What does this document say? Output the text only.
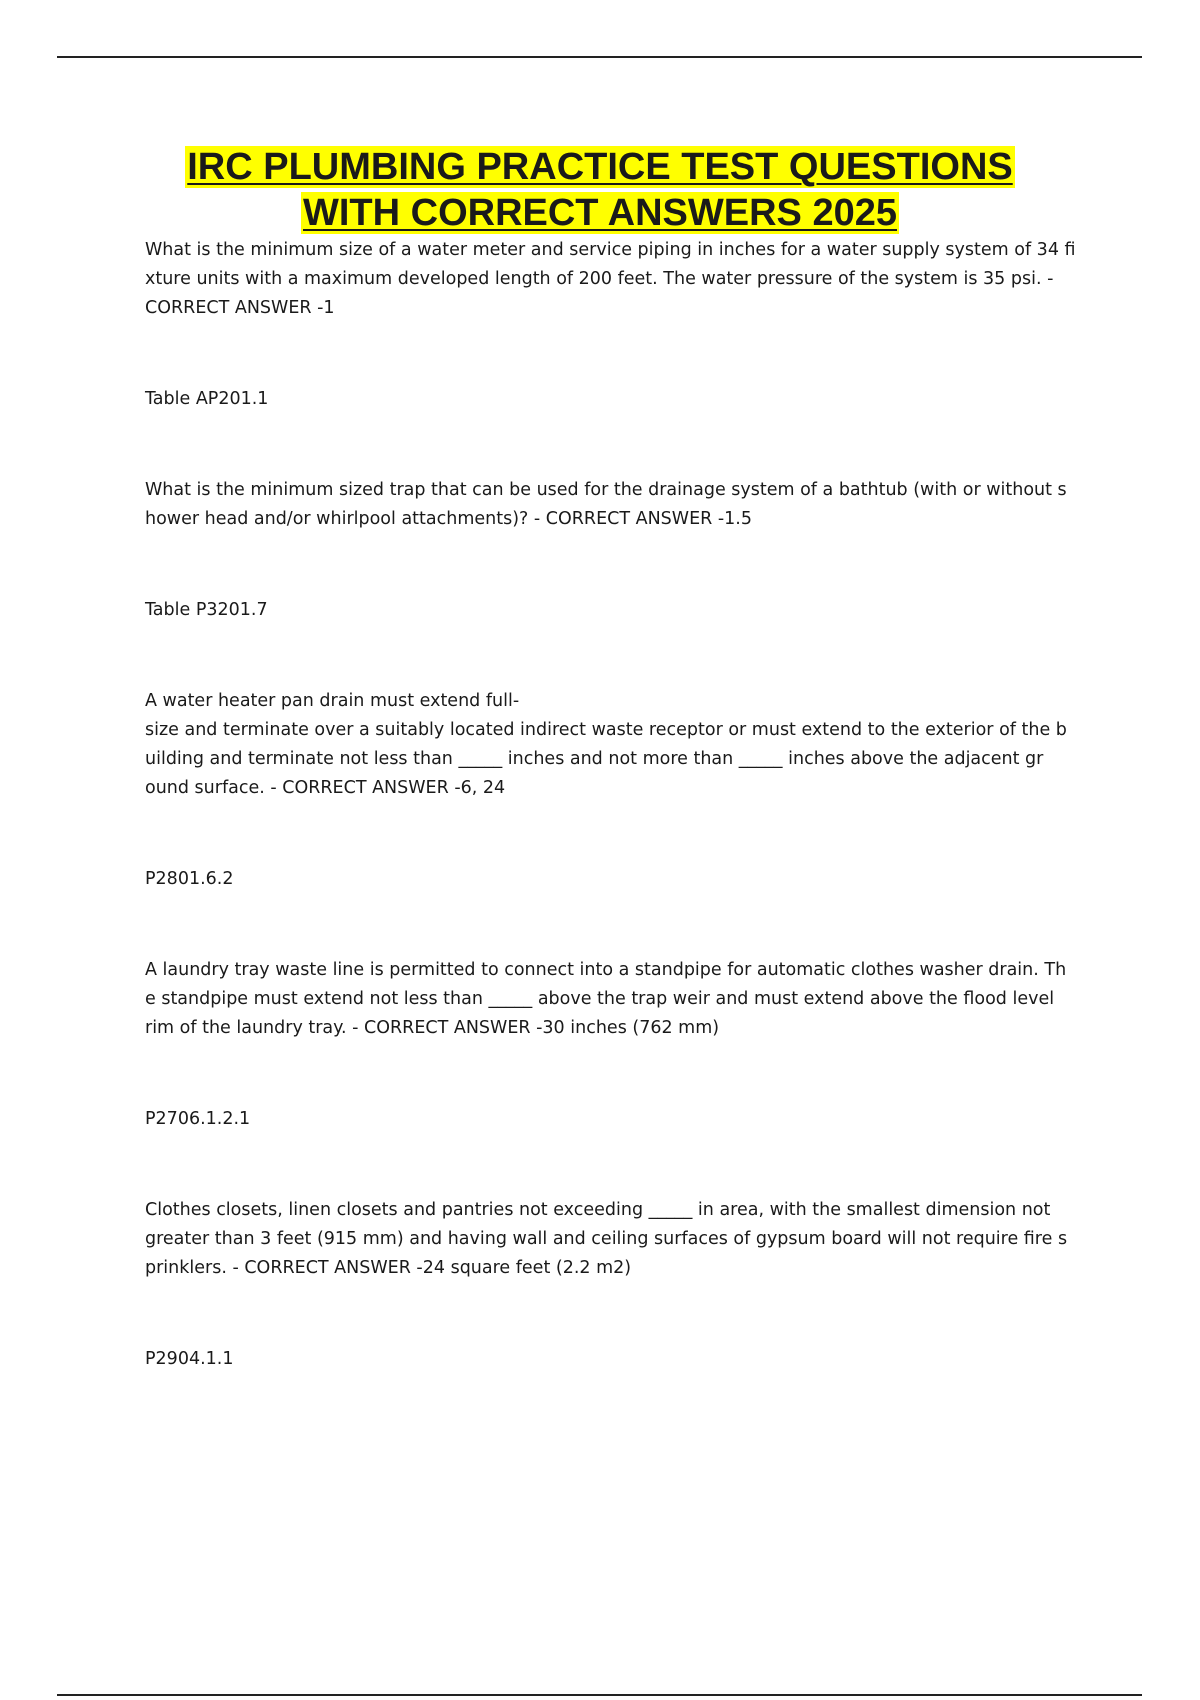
IRC PLUMBING PRACTICE TEST QUESTIONS
WITH CORRECT ANSWERS 2025

What is the minimum size of a water meter and service piping in inches for a water supply system of 34 fi
xture units with a maximum developed length of 200 feet. The water pressure of the system is 35 psi. -
CORRECT ANSWER -1

Table AP201.1

What is the minimum sized trap that can be used for the drainage system of a bathtub (with or without s
hower head and/or whirlpool attachments)? - CORRECT ANSWER -1.5

Table P3201.7

A water heater pan drain must extend full-
size and terminate over a suitably located indirect waste receptor or must extend to the exterior of the b
uilding and terminate not less than _____ inches and not more than _____ inches above the adjacent gr
ound surface. - CORRECT ANSWER -6, 24

P2801.6.2

A laundry tray waste line is permitted to connect into a standpipe for automatic clothes washer drain. Th
e standpipe must extend not less than _____ above the trap weir and must extend above the flood level
rim of the laundry tray. - CORRECT ANSWER -30 inches (762 mm)

P2706.1.2.1

Clothes closets, linen closets and pantries not exceeding _____ in area, with the smallest dimension not
greater than 3 feet (915 mm) and having wall and ceiling surfaces of gypsum board will not require fire s
prinklers. - CORRECT ANSWER -24 square feet (2.2 m2)

P2904.1.1
